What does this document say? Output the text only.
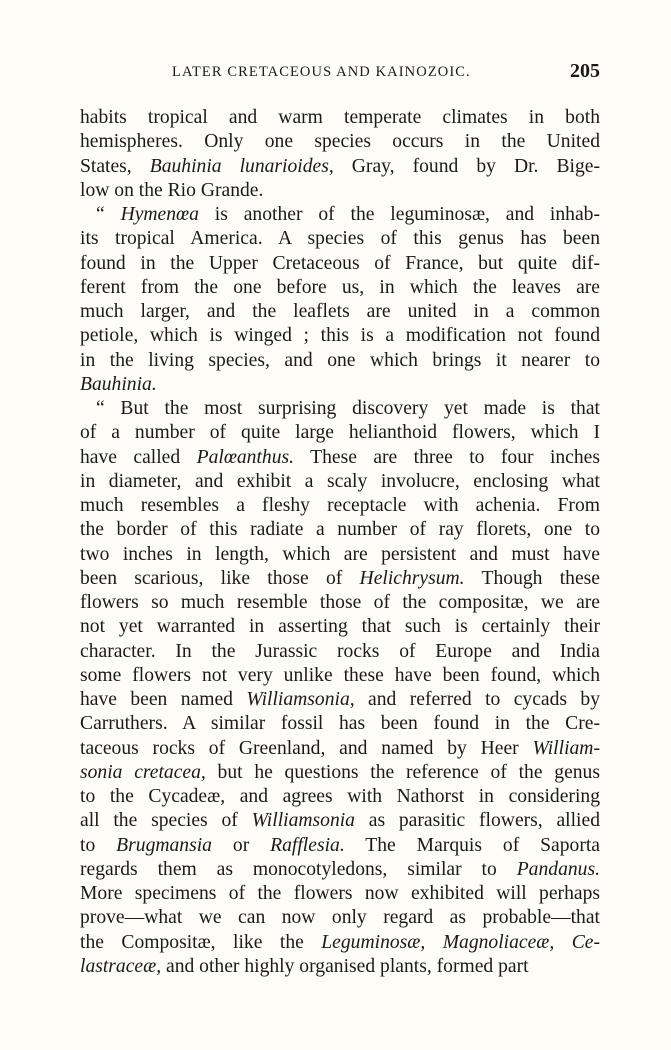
LATER CRETACEOUS AND KAINOZOIC.	205
habits tropical and warm temperate climates in both
hemispheres. Only one species occurs in the United
States, Bauhinia lunarioides, Gray, found by Dr. Bige-
low on the Rio Grande.
“ Hymenœa is another of the leguminosæ, and inhab-
its tropical America. A species of this genus has been
found in the Upper Cretaceous of France, but quite dif-
ferent from the one before us, in which the leaves are
much larger, and the leaflets are united in a common
petiole, which is winged ; this is a modification not found
in the living species, and one which brings it nearer to
Bauhinia.
“ But the most surprising discovery yet made is that
of a number of quite large helianthoid flowers, which I
have called Palœanthus. These are three to four inches
in diameter, and exhibit a scaly involucre, enclosing what
much resembles a fleshy receptacle with achenia. From
the border of this radiate a number of ray florets, one to
two inches in length, which are persistent and must have
been scarious, like those of Helichrysum. Though these
flowers so much resemble those of the compositæ, we are
not yet warranted in asserting that such is certainly their
character. In the Jurassic rocks of Europe and India
some flowers not very unlike these have been found, which
have been named Williamsonia, and referred to cycads by
Carruthers. A similar fossil has been found in the Cre-
taceous rocks of Greenland, and named by Heer William-
sonia cretacea, but he questions the reference of the genus
to the Cycadeæ, and agrees with Nathorst in considering
all the species of Williamsonia as parasitic flowers, allied
to Brugmansia or Rafflesia. The Marquis of Saporta
regards them as monocotyledons, similar to Pandanus.
More specimens of the flowers now exhibited will perhaps
prove—what we can now only regard as probable—that
the Compositæ, like the Leguminosæ, Magnoliaceæ, Ce-
lastraceæ, and other highly organised plants, formed part
